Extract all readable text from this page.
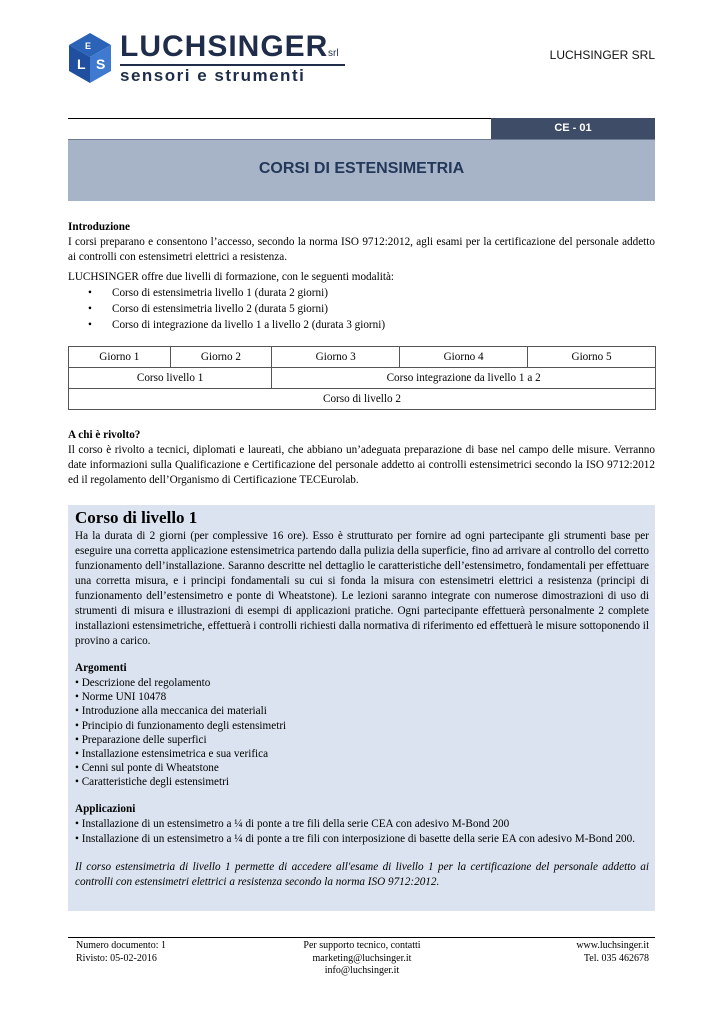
L S
E LUCHSINGER srl
sensori e strumenti
LUCHSINGER SRL
CE - 01
CORSI DI ESTENSIMETRIA
Introduzione

I corsi preparano e consentono l’accesso, secondo la norma ISO 9712:2012, agli esami per la certificazione del personale addetto ai controlli con estensimetri elettrici a resistenza.

LUCHSINGER offre due livelli di formazione, con le seguenti modalità:
• Corso di estensimetria livello 1 (durata 2 giorni)
• Corso di estensimetria livello 2 (durata 5 giorni)
• Corso di integrazione da livello 1 a livello 2 (durata 3 giorni)
Giorno 1	Giorno 2	Giorno 3	Giorno 4	Giorno 5
Corso livello 1		Corso integrazione da livello 1 a 2		
Corso di livello 2				
A chi è rivolto?
Il corso è rivolto a tecnici, diplomati e laureati, che abbiano un’adeguata preparazione di base nel campo delle misure. Verranno date informazioni sulla Qualificazione e Certificazione del personale addetto ai controlli estensimetrici secondo la ISO 9712:2012 ed il regolamento dell’Organismo di Certificazione TECEurolab.
Corso di livello 1
Ha la durata di 2 giorni (per complessive 16 ore). Esso è strutturato per fornire ad ogni partecipante gli strumenti base per eseguire una corretta applicazione estensimetrica partendo dalla pulizia della superficie, fino ad arrivare al controllo del corretto funzionamento dell’installazione. Saranno descritte nel dettaglio le caratteristiche dell’estensimetro, fondamentali per effettuare una corretta misura, e i principi fondamentali su cui si fonda la misura con estensimetri elettrici a resistenza (principi di funzionamento dell’estensimetro e ponte di Wheatstone). Le lezioni saranno integrate con numerose dimostrazioni di uso di strumenti di misura e illustrazioni di esempi di applicazioni pratiche. Ogni partecipante effettuerà personalmente 2 complete installazioni estensimetriche, effettuerà i controlli richiesti dalla normativa di riferimento ed effettuerà le misure sottoponendo il provino a carico.
Argomenti
• Descrizione del regolamento
• Norme UNI 10478
• Introduzione alla meccanica dei materiali
• Principio di funzionamento degli estensimetri
• Preparazione delle superfici
• Installazione estensimetrica e sua verifica
• Cenni sul ponte di Wheatstone
• Caratteristiche degli estensimetri
Applicazioni
• Installazione di un estensimetro a ¼ di ponte a tre fili della serie CEA con adesivo M-Bond 200
• Installazione di un estensimetro a ¼ di ponte a tre fili con interposizione di basette della serie EA con adesivo M-Bond 200.
Il corso estensimetria di livello 1 permette di accedere all'esame di livello 1 per la certificazione del personale addetto ai controlli con estensimetri elettrici a resistenza secondo la norma ISO 9712:2012.
Numero documento: 1
Rivisto: 05-02-2016
Per supporto tecnico, contatti
marketing@luchsinger.it
info@luchsinger.it
www.luchsinger.it
Tel. 035 462678
